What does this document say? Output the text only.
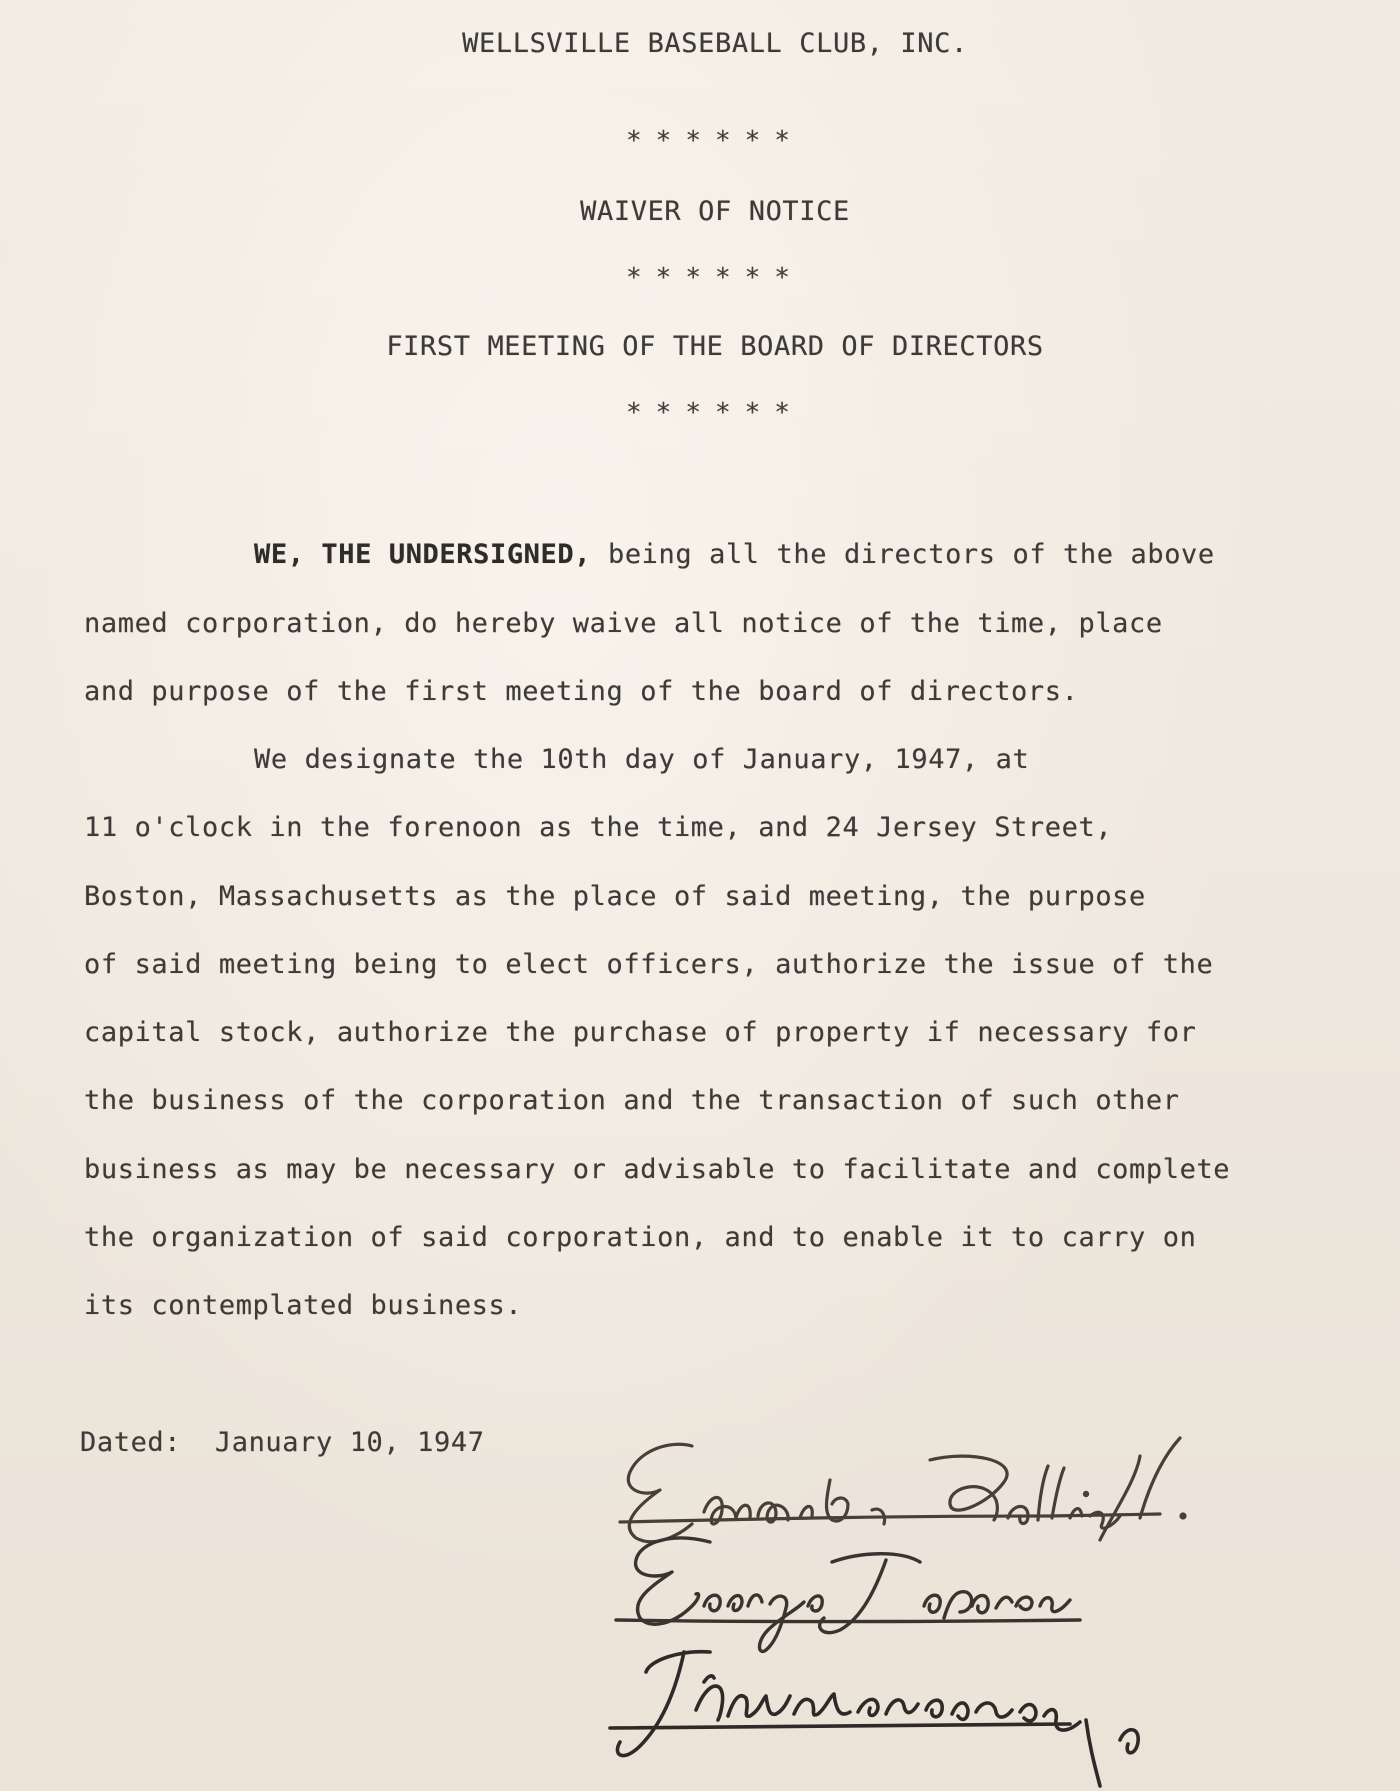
WELLSVILLE BASEBALL CLUB, INC.
******
WAIVER OF NOTICE
******
FIRST MEETING OF THE BOARD OF DIRECTORS
******
WE, THE UNDERSIGNED, being all the directors of the above
named corporation, do hereby waive all notice of the time, place
and purpose of the first meeting of the board of directors.
We designate the 10th day of January, 1947, at
11 o'clock in the forenoon as the time, and 24 Jersey Street,
Boston, Massachusetts as the place of said meeting, the purpose
of said meeting being to elect officers, authorize the issue of the
capital stock, authorize the purchase of property if necessary for
the business of the corporation and the transaction of such other
business as may be necessary or advisable to facilitate and complete
the organization of said corporation, and to enable it to carry on
its contemplated business.
Dated: January 10, 1947
